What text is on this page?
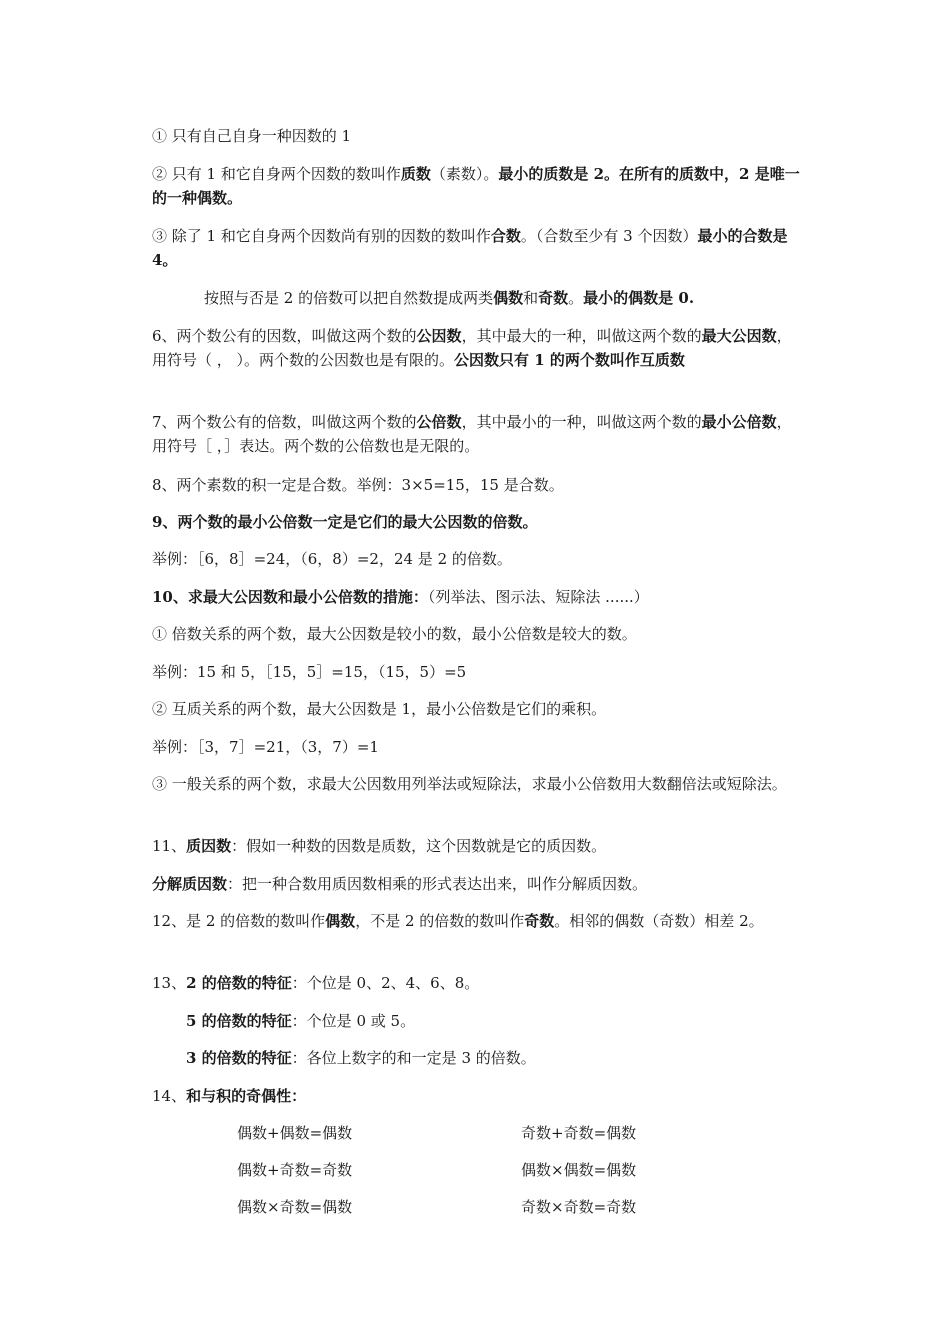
① 只有自己自身一种因数的 1

② 只有 1 和它自身两个因数的数叫作质数（素数）。最小的质数是 2。在所有的质数中，2 是唯一的一种偶数。

③ 除了 1 和它自身两个因数尚有别的因数的数叫作合数。（合数至少有 3 个因数）最小的合数是 4。

按照与否是 2 的倍数可以把自然数提成两类偶数和奇数。最小的偶数是 0.

6、两个数公有的因数，叫做这两个数的公因数，其中最大的一种，叫做这两个数的最大公因数，用符号（ ， ）。两个数的公因数也是有限的。公因数只有 1 的两个数叫作互质数

7、两个数公有的倍数，叫做这两个数的公倍数，其中最小的一种，叫做这两个数的最小公倍数，用符号［ ，］表达。两个数的公倍数也是无限的。

8、两个素数的积一定是合数。举例：3×5=15，15 是合数。

9、两个数的最小公倍数一定是它们的最大公因数的倍数。

举例：［6，8］=24，（6，8）=2，24 是 2 的倍数。

10、求最大公因数和最小公倍数的措施：（列举法、图示法、短除法 ......）

① 倍数关系的两个数，最大公因数是较小的数，最小公倍数是较大的数。

举例：15 和 5，［15，5］=15，（15，5）=5

② 互质关系的两个数，最大公因数是 1，最小公倍数是它们的乘积。

举例：［3，7］=21，（3，7）=1

③ 一般关系的两个数，求最大公因数用列举法或短除法，求最小公倍数用大数翻倍法或短除法。

11、质因数：假如一种数的因数是质数，这个因数就是它的质因数。

分解质因数：把一种合数用质因数相乘的形式表达出来，叫作分解质因数。

12、是 2 的倍数的数叫作偶数，不是 2 的倍数的数叫作奇数。相邻的偶数（奇数）相差 2。

13、2 的倍数的特征：个位是 0、2、4、6、8。

5 的倍数的特征：个位是 0 或 5。

3 的倍数的特征：各位上数字的和一定是 3 的倍数。

14、和与积的奇偶性：

偶数+偶数=偶数	奇数+奇数=偶数
偶数+奇数=奇数	偶数×偶数=偶数
偶数×奇数=偶数	奇数×奇数=奇数
